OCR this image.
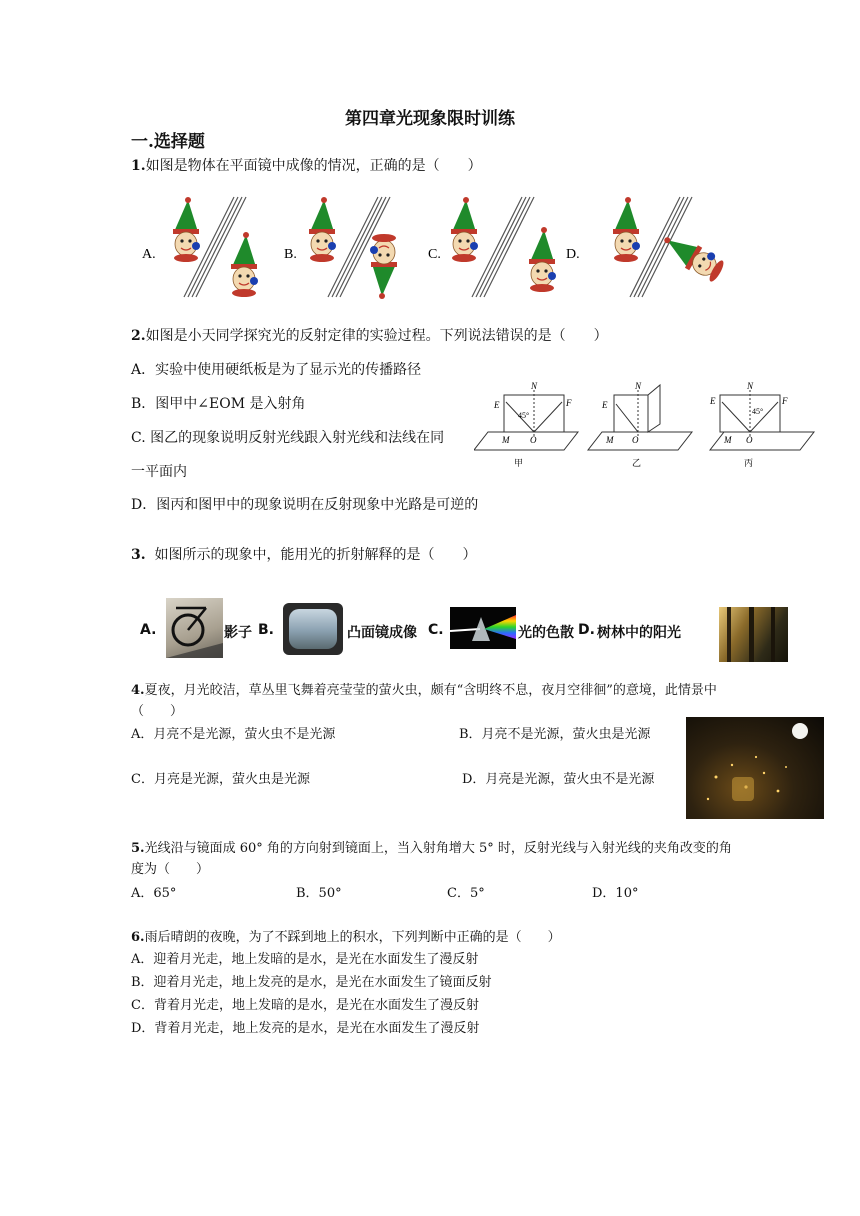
第四章光现象限时训练
一.选择题
1.如图是物体在平面镜中成像的情况，正确的是（　　）
A.	B.	C.	D.
2.如图是小天同学探究光的反射定律的实验过程。下列说法错误的是（　　）
A．实验中使用硬纸板是为了显示光的传播路径
B．图甲中∠EOM 是入射角
C. 图乙的现象说明反射光线跟入射光线和法线在同
一平面内
D．图丙和图甲中的现象说明在反射现象中光路是可逆的
N
E	F
M O
45°
甲
N
E
M O
乙
N
E	F
M O
45°
丙
3. 如图所示的现象中，能用光的折射解释的是（　　）
A.	影子 B.	凸面镜成像 C.	光的色散 D. 树林中的阳光
4.夏夜，月光皎洁，草丛里飞舞着亮莹莹的萤火虫，颇有“含明终不息，夜月空徘徊”的意境，此情景中
（　　）
A．月亮不是光源，萤火虫不是光源	B．月亮不是光源，萤火虫是光源
C．月亮是光源，萤火虫是光源	D．月亮是光源，萤火虫不是光源
5.光线沿与镜面成 60° 角的方向射到镜面上，当入射角增大 5° 时，反射光线与入射光线的夹角改变的角
度为（　　）
A．65°	B．50°	C．5°	D．10°
6.雨后晴朗的夜晚，为了不踩到地上的积水，下列判断中正确的是（　　）
A．迎着月光走，地上发暗的是水，是光在水面发生了漫反射
B．迎着月光走，地上发亮的是水，是光在水面发生了镜面反射
C．背着月光走，地上发暗的是水，是光在水面发生了漫反射
D．背着月光走，地上发亮的是水，是光在水面发生了漫反射
